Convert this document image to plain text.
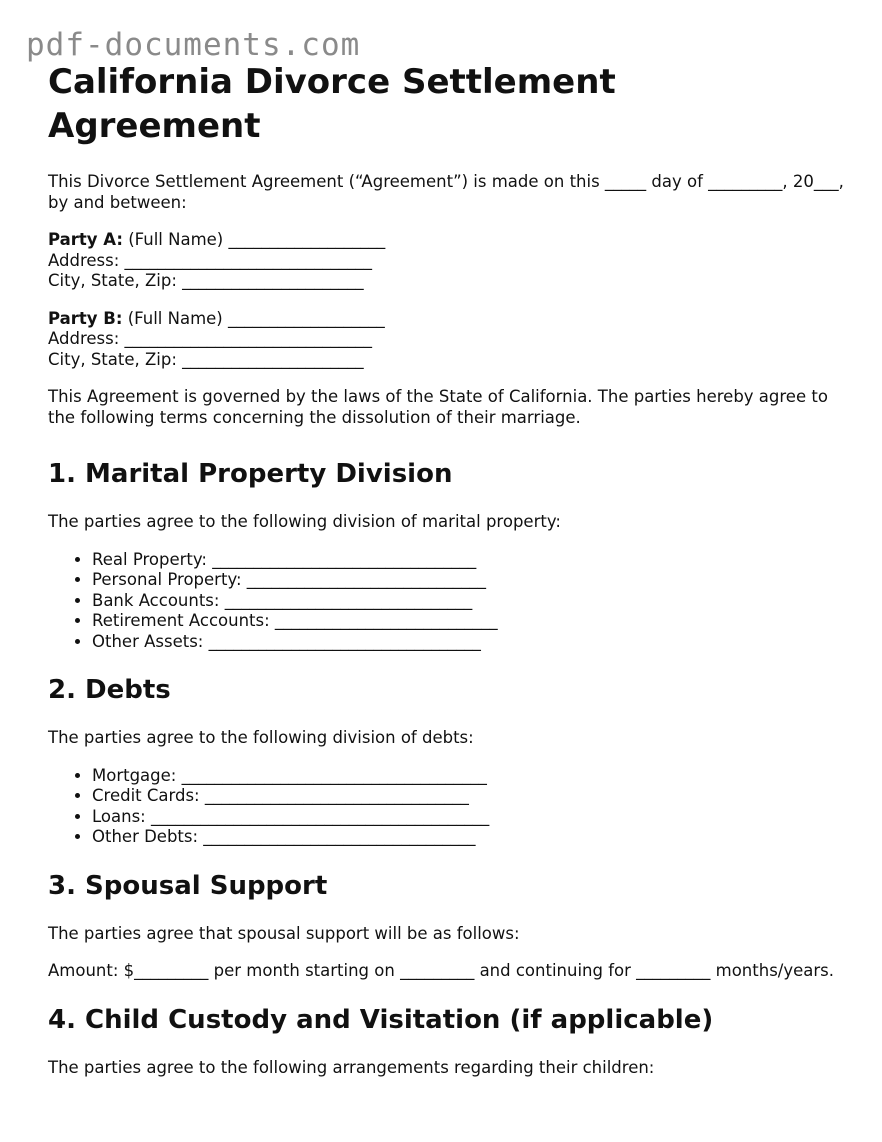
pdf-documents.com
California Divorce Settlement
Agreement

This Divorce Settlement Agreement (“Agreement”) is made on this _____ day of _________, 20___, by and between:

Party A: (Full Name) ___________________

Address: ______________________________

City, State, Zip: ______________________

Party B: (Full Name) ___________________

Address: ______________________________

City, State, Zip: ______________________

This Agreement is governed by the laws of the State of California. The parties hereby agree to the following terms concerning the dissolution of their marriage.

1. Marital Property Division

The parties agree to the following division of marital property:

• Real Property: ________________________________
• Personal Property: _____________________________
• Bank Accounts: ______________________________
• Retirement Accounts: ___________________________
• Other Assets: _________________________________
2. Debts

The parties agree to the following division of debts:

• Mortgage: _____________________________________
• Credit Cards: ________________________________
• Loans: _________________________________________
• Other Debts: _________________________________
3. Spousal Support

The parties agree that spousal support will be as follows:

Amount: $_________ per month starting on _________ and continuing for _________ months/years.

4. Child Custody and Visitation (if applicable)

The parties agree to the following arrangements regarding their children:
